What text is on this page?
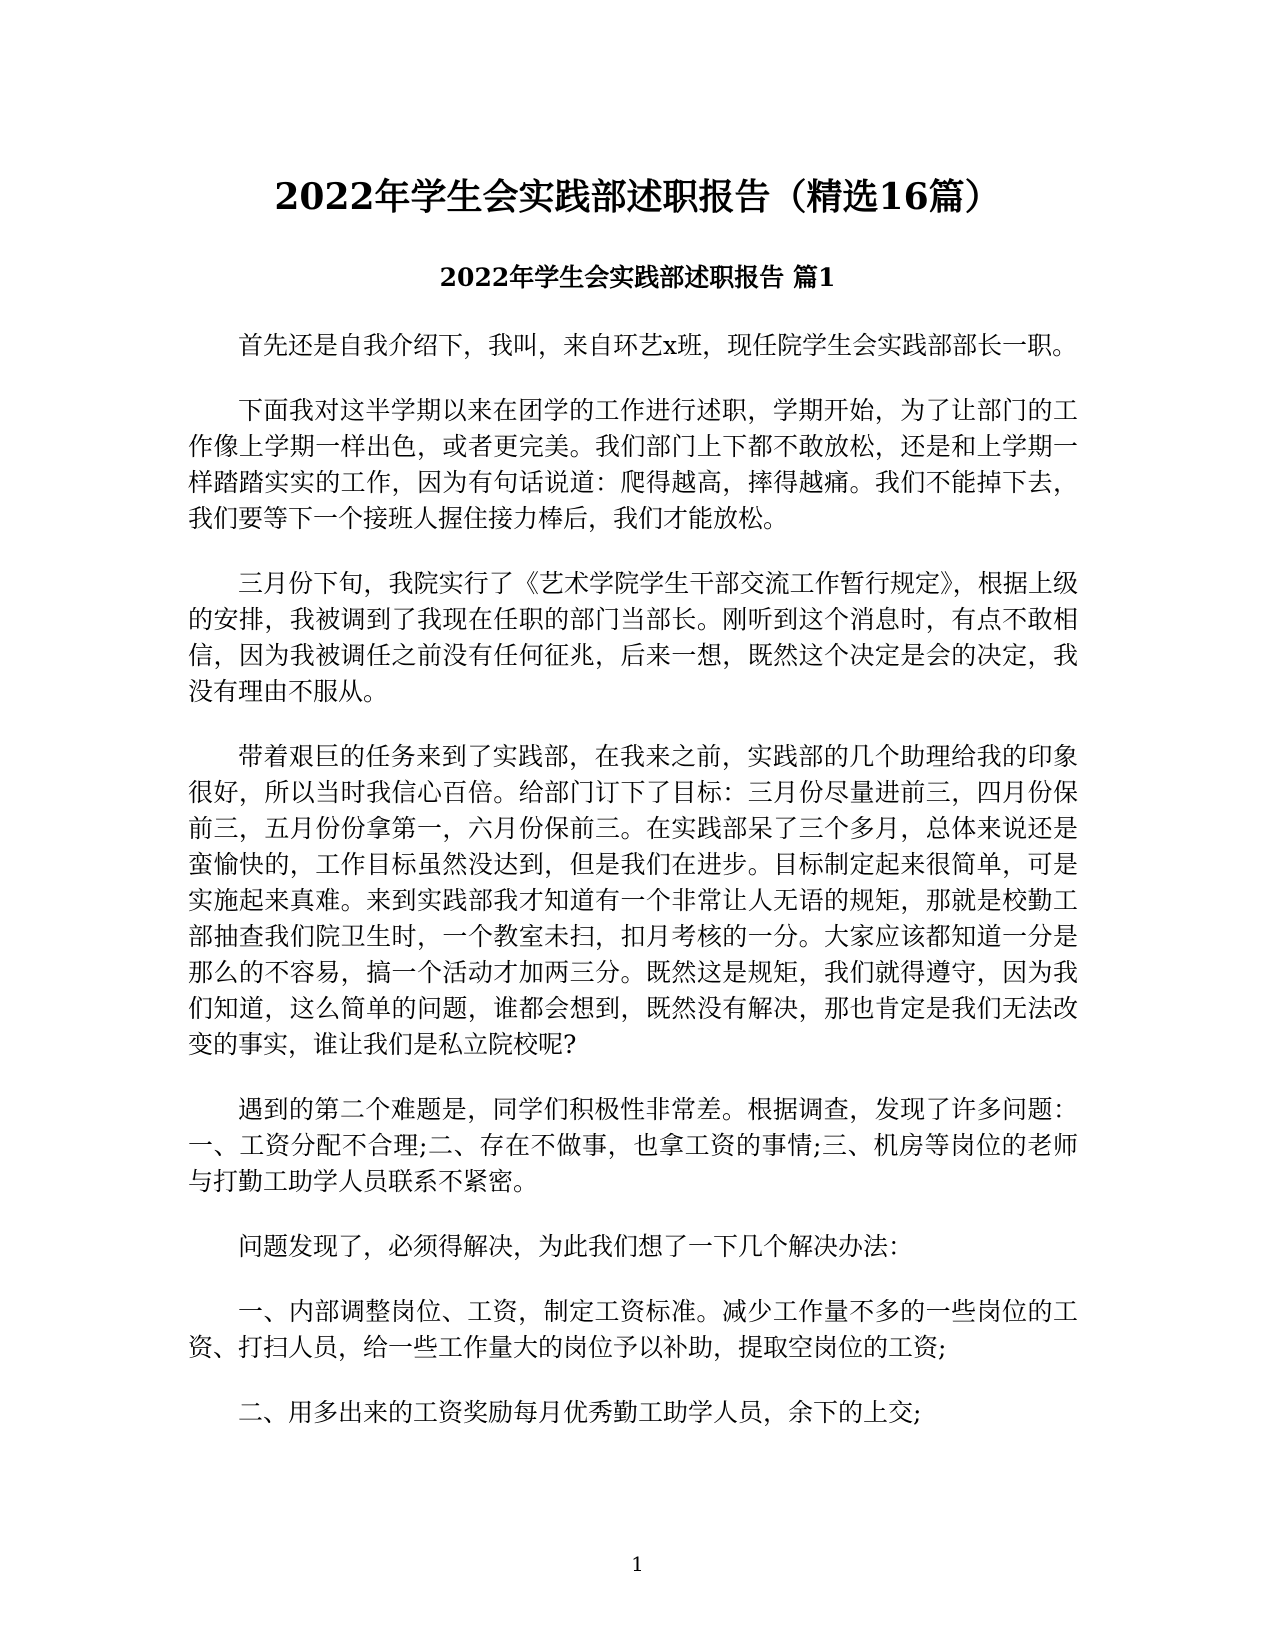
2022年学生会实践部述职报告（精选16篇）
2022年学生会实践部述职报告 篇1

首先还是自我介绍下，我叫，来自环艺x班，现任院学生会实践部部长一职。

下面我对这半学期以来在团学的工作进行述职，学期开始，为了让部门的工作像上学期一样出色，或者更完美。我们部门上下都不敢放松，还是和上学期一样踏踏实实的工作，因为有句话说道：爬得越高，摔得越痛。我们不能掉下去，我们要等下一个接班人握住接力棒后，我们才能放松。

三月份下旬，我院实行了《艺术学院学生干部交流工作暂行规定》，根据上级的安排，我被调到了我现在任职的部门当部长。刚听到这个消息时，有点不敢相信，因为我被调任之前没有任何征兆，后来一想，既然这个决定是会的决定，我没有理由不服从。

带着艰巨的任务来到了实践部，在我来之前，实践部的几个助理给我的印象很好，所以当时我信心百倍。给部门订下了目标：三月份尽量进前三，四月份保前三，五月份份拿第一，六月份保前三。在实践部呆了三个多月，总体来说还是蛮愉快的，工作目标虽然没达到，但是我们在进步。目标制定起来很简单，可是实施起来真难。来到实践部我才知道有一个非常让人无语的规矩，那就是校勤工部抽查我们院卫生时，一个教室未扫，扣月考核的一分。大家应该都知道一分是那么的不容易，搞一个活动才加两三分。既然这是规矩，我们就得遵守，因为我们知道，这么简单的问题，谁都会想到，既然没有解决，那也肯定是我们无法改变的事实，谁让我们是私立院校呢?

遇到的第二个难题是，同学们积极性非常差。根据调查，发现了许多问题：一、工资分配不合理;二、存在不做事，也拿工资的事情;三、机房等岗位的老师与打勤工助学人员联系不紧密。

问题发现了，必须得解决，为此我们想了一下几个解决办法：

一、内部调整岗位、工资，制定工资标准。减少工作量不多的一些岗位的工资、打扫人员，给一些工作量大的岗位予以补助，提取空岗位的工资;

二、用多出来的工资奖励每月优秀勤工助学人员，余下的上交;

1
